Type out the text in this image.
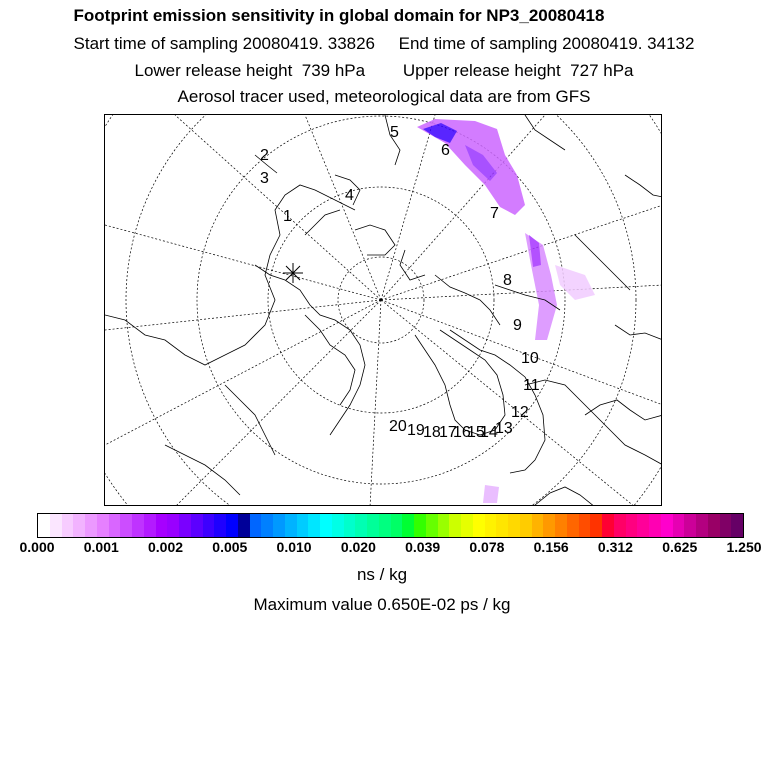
Footprint emission sensitivity in global domain for NP3_20080418
Start time of sampling 20080419. 33826     End time of sampling 20080419. 34132
Lower release height  739 hPa        Upper release height  727 hPa
Aerosol tracer used, meteorological data are from GFS
1
2
3
4
5
6
7
8
9
10
11
12
13
14
15
16
17
18
19
20
0.000 0.001 0.002 0.005 0.010 0.020 0.039 0.078 0.156 0.312 0.625 1.250
ns / kg
Maximum value 0.650E-02 ps / kg
